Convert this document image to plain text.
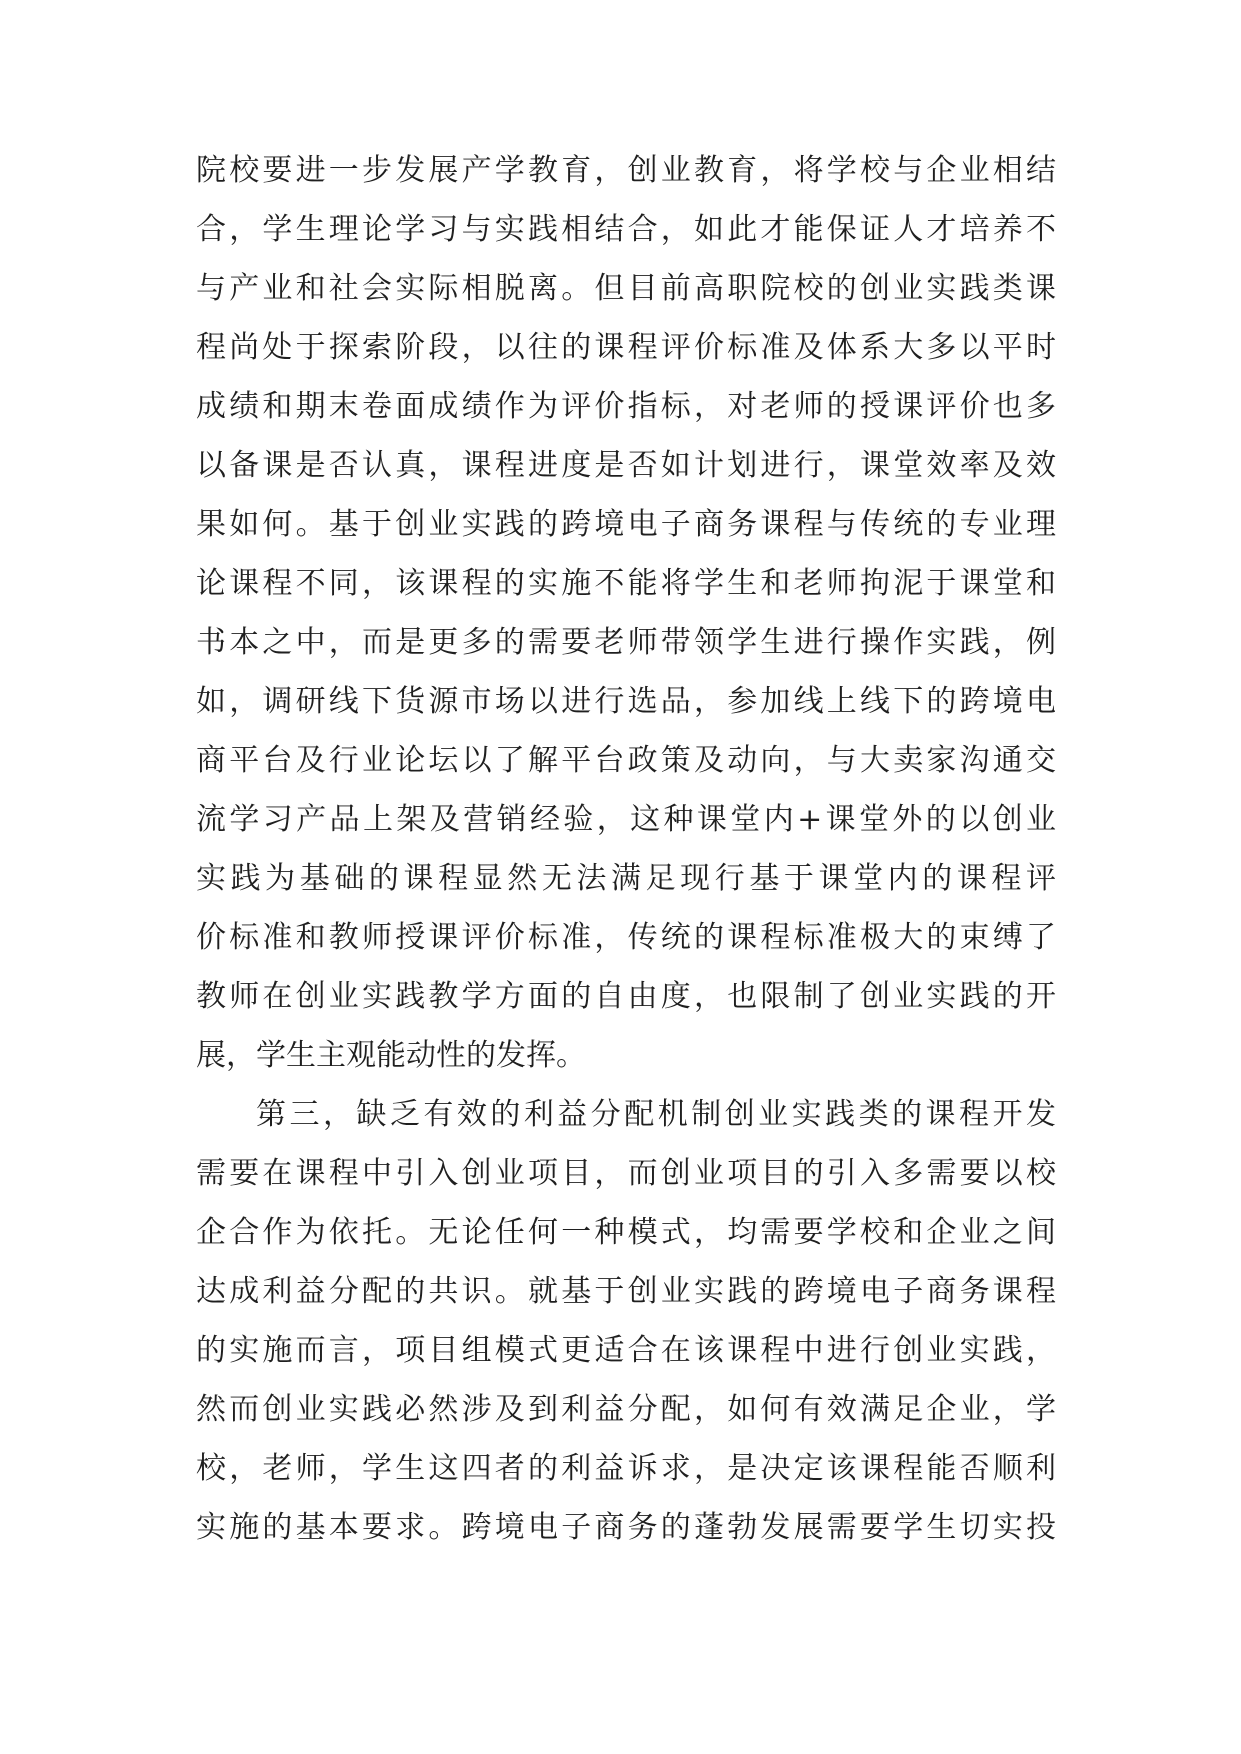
院校要进一步发展产学教育，创业教育，将学校与企业相结
合，学生理论学习与实践相结合，如此才能保证人才培养不
与产业和社会实际相脱离。但目前高职院校的创业实践类课
程尚处于探索阶段，以往的课程评价标准及体系大多以平时
成绩和期末卷面成绩作为评价指标，对老师的授课评价也多
以备课是否认真，课程进度是否如计划进行，课堂效率及效
果如何。基于创业实践的跨境电子商务课程与传统的专业理
论课程不同，该课程的实施不能将学生和老师拘泥于课堂和
书本之中，而是更多的需要老师带领学生进行操作实践，例
如，调研线下货源市场以进行选品，参加线上线下的跨境电
商平台及行业论坛以了解平台政策及动向，与大卖家沟通交
流学习产品上架及营销经验，这种课堂内+课堂外的以创业
实践为基础的课程显然无法满足现行基于课堂内的课程评
价标准和教师授课评价标准，传统的课程标准极大的束缚了
教师在创业实践教学方面的自由度，也限制了创业实践的开
展，学生主观能动性的发挥。
第三，缺乏有效的利益分配机制创业实践类的课程开发
需要在课程中引入创业项目，而创业项目的引入多需要以校
企合作为依托。无论任何一种模式，均需要学校和企业之间
达成利益分配的共识。就基于创业实践的跨境电子商务课程
的实施而言，项目组模式更适合在该课程中进行创业实践，
然而创业实践必然涉及到利益分配，如何有效满足企业，学
校，老师，学生这四者的利益诉求，是决定该课程能否顺利
实施的基本要求。跨境电子商务的蓬勃发展需要学生切实投
